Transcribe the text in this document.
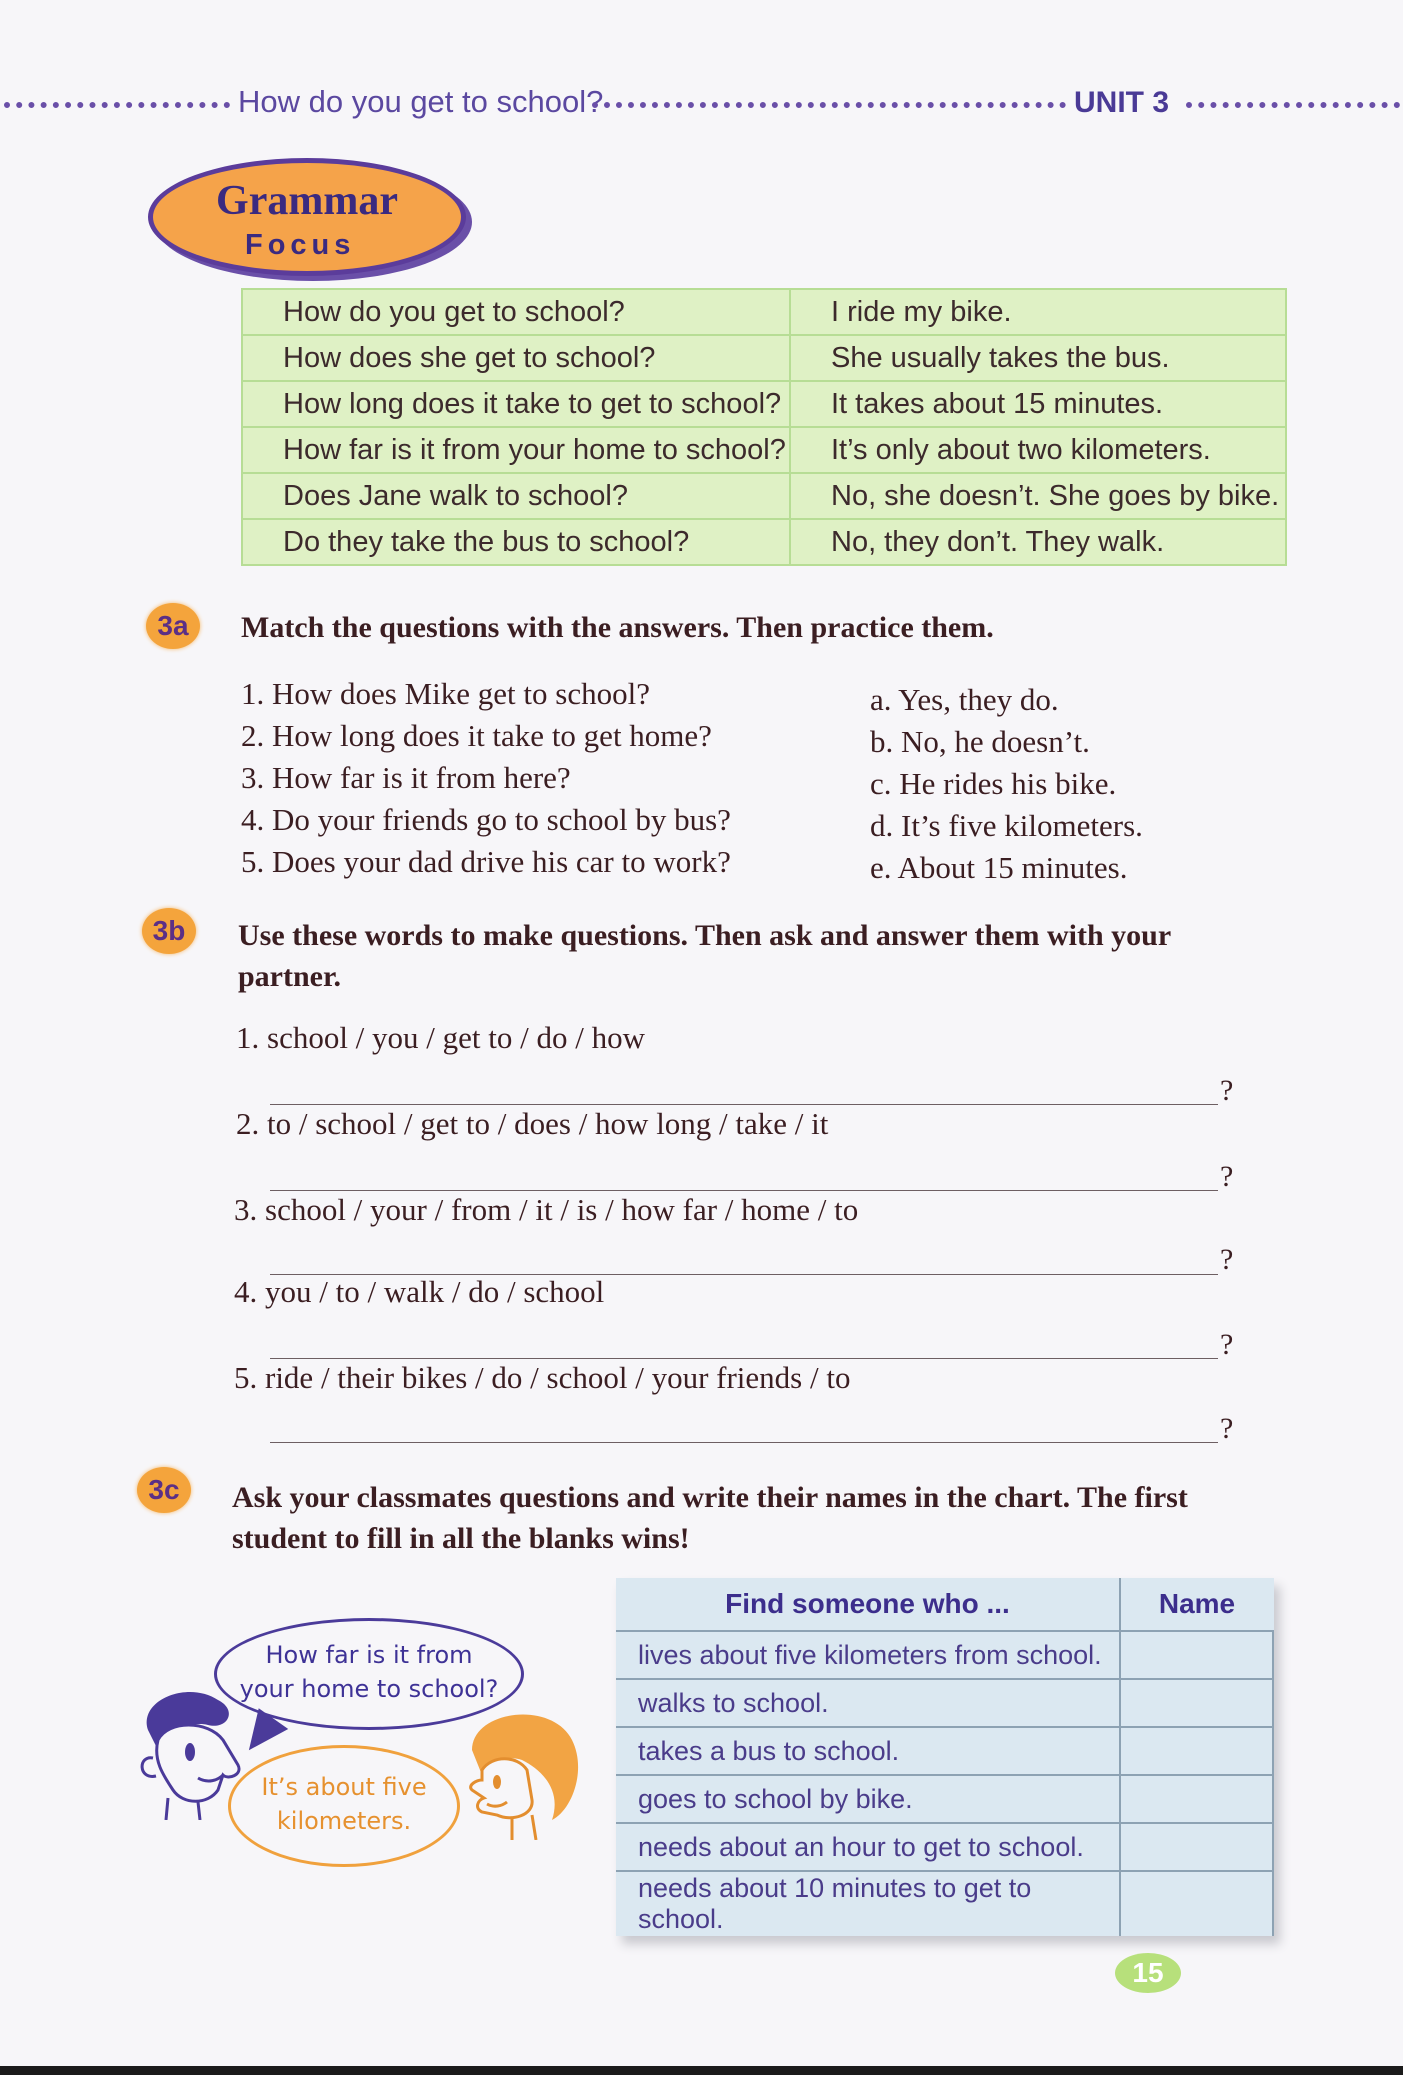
How do you get to school?	UNIT 3
Grammar
Focus
How do you get to school?	I ride my bike.
How does she get to school?	She usually takes the bus.
How long does it take to get to school?	It takes about 15 minutes.
How far is it from your home to school?	It’s only about two kilometers.
Does Jane walk to school?	No, she doesn’t. She goes by bike.
Do they take the bus to school?	No, they don’t. They walk.
3a	Match the questions with the answers. Then practice them.
1. How does Mike get to school?
2. How long does it take to get home?
3. How far is it from here?
4. Do your friends go to school by bus?
5. Does your dad drive his car to work?
a. Yes, they do.
b. No, he doesn’t.
c. He rides his bike.
d. It’s five kilometers.
e. About 15 minutes.
3b	Use these words to make questions. Then ask and answer them with your partner.
1. school / you / get to / do / how
?
2. to / school / get to / does / how long / take / it
?
3. school / your / from / it / is / how far / home / to
?
4. you / to / walk / do / school
?
5. ride / their bikes / do / school / your friends / to
?
3c	Ask your classmates questions and write their names in the chart. The first student to fill in all the blanks wins!
How far is it from
your home to school?
It’s about five
kilometers.
Find someone who ...	Name
lives about five kilometers from school.	
walks to school.	
takes a bus to school.	
goes to school by bike.	
needs about an hour to get to school.	
needs about 10 minutes to get to school.	
15
